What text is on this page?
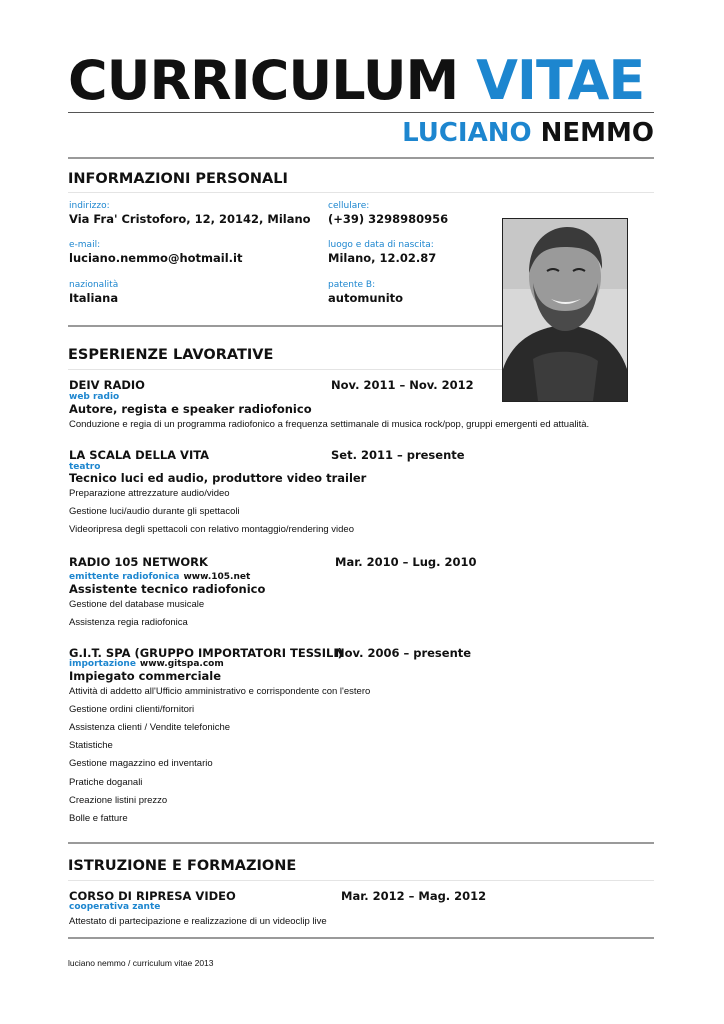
CURRICULUM VITAE
LUCIANO NEMMO
INFORMAZIONI PERSONALI
indirizzo:
Via Fra' Cristoforo, 12, 20142, Milano
cellulare:
(+39) 3298980956
e-mail:
luciano.nemmo@hotmail.it
luogo e data di nascita:
Milano, 12.02.87
nazionalità
Italiana
patente B:
automunito
ESPERIENZE LAVORATIVE
DEIV RADIO	Nov. 2011 – Nov. 2012
web radio
Autore, regista e speaker radiofonico
Conduzione e regia di un programma radiofonico a frequenza settimanale di musica rock/pop, gruppi emergenti ed attualità.
LA SCALA DELLA VITA	Set. 2011 – presente
teatro
Tecnico luci ed audio, produttore video trailer
Preparazione attrezzature audio/video
Gestione luci/audio durante gli spettacoli
Videoripresa degli spettacoli con relativo montaggio/rendering video
RADIO 105 NETWORK	Mar. 2010 – Lug. 2010
emittente radiofonica www.105.net
Assistente tecnico radiofonico
Gestione del database musicale
Assistenza regia radiofonica
G.I.T. SPA (GRUPPO IMPORTATORI TESSILI)
Nov. 2006 – presente
importazione www.gitspa.com
Impiegato commerciale
Attività di addetto all'Ufficio amministrativo e corrispondente con l'estero
Gestione ordini clienti/fornitori
Assistenza clienti / Vendite telefoniche
Statistiche
Gestione magazzino ed inventario
Pratiche doganali
Creazione listini prezzo
Bolle e fatture
ISTRUZIONE E FORMAZIONE
CORSO DI RIPRESA VIDEO	Mar. 2012 – Mag. 2012
cooperativa zante
Attestato di partecipazione e realizzazione di un videoclip live
luciano nemmo / curriculum vitae 2013
